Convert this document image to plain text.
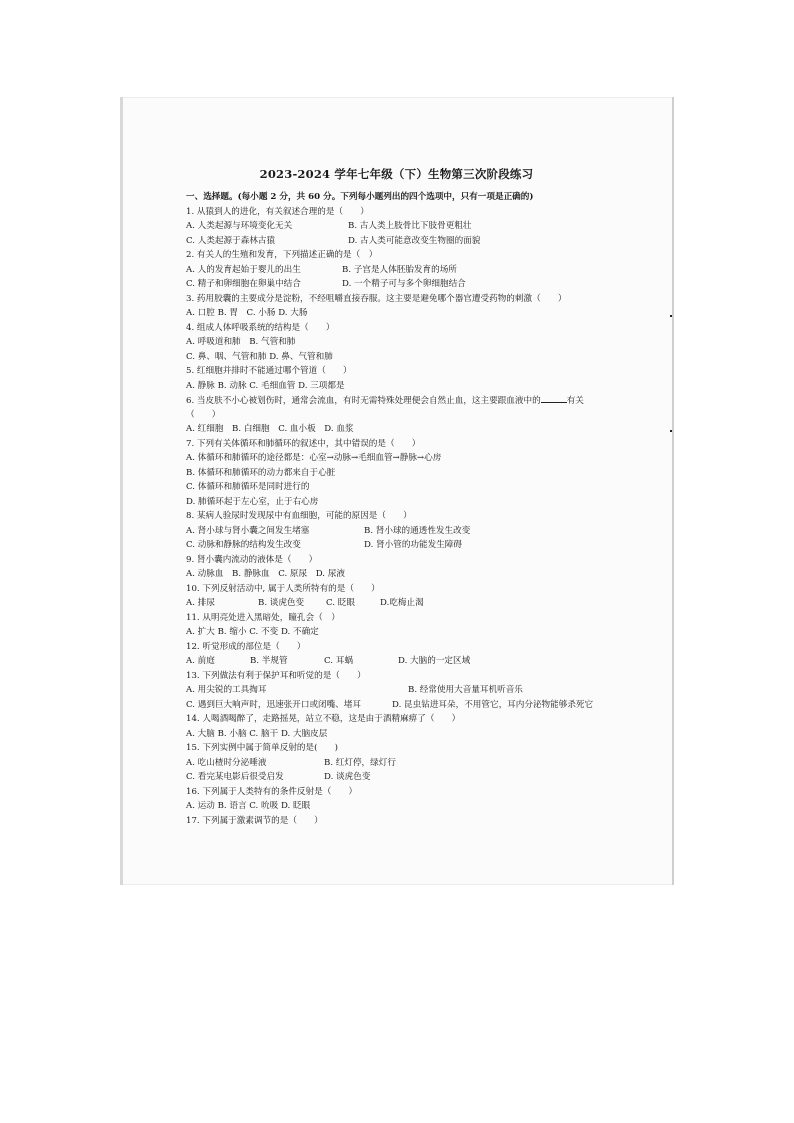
2023-2024 学年七年级（下）生物第三次阶段练习
一、选择题。(每小题 2 分，共 60 分。下列每小题列出的四个选项中，只有一项是正确的)
1. 从猿到人的进化，有关叙述合理的是（　　）
A. 人类起源与环境变化无关	B. 古人类上肢骨比下肢骨更粗壮
C. 人类起源于森林古猿	D. 古人类可能意改变生物圈的面貌
2. 有关人的生殖和发育，下列描述正确的是（　）
A. 人的发育起始于婴儿的出生	B. 子宫是人体胚胎发育的场所
C. 精子和卵细胞在卵巢中结合	D. 一个精子可与多个卵细胞结合
3. 药用胶囊的主要成分是淀粉，不经咀嚼直接吞服。这主要是避免哪个器官遭受药物的刺激（　　）
A. 口腔 B. 胃　C. 小肠 D. 大肠
4. 组成人体呼吸系统的结构是（　　）
A. 呼吸道和肺　B. 气管和肺
C. 鼻、咽、气管和肺 D. 鼻、气管和肺
5. 红细胞并排时不能通过哪个管道（　　）
A. 静脉 B. 动脉 C. 毛细血管 D. 三项都是
6. 当皮肤不小心被划伤时，通常会流血，有时无需特殊处理便会自然止血，这主要跟血液中的	有关
（　　）
A. 红细胞　B. 白细胞　C. 血小板　D. 血浆
7. 下列有关体循环和肺循环的叙述中，其中错误的是（　　）
A. 体循环和肺循环的途径都是：心室→动脉→毛细血管→静脉→心房
B. 体循环和肺循环的动力都来自于心脏
C. 体循环和肺循环是同时进行的
D. 肺循环起于左心室，止于右心房
8. 某病人验尿时发现尿中有血细胞，可能的原因是（　　）
A. 肾小球与肾小囊之间发生堵塞	B. 肾小球的通透性发生改变
C. 动脉和静脉的结构发生改变	D. 肾小管的功能发生障碍
9. 肾小囊内流动的液体是（　　）
A. 动脉血　B. 静脉血　C. 原尿　D. 尿液
10. 下列反射活动中, 属于人类所特有的是（　　）
A. 排尿	B. 谈虎色变	C. 眨眼	D.吃梅止渴
11. 从明亮处进入黑暗处，瞳孔会（　）
A. 扩大 B. 缩小 C. 不变 D. 不确定
12. 听觉形成的部位是（　　）
A. 前庭	B. 半规管	C. 耳蜗	D. 大脑的一定区域
13. 下列做法有利于保护耳和听觉的是（　　）
A. 用尖锐的工具掏耳	B. 经常使用大音量耳机听音乐
C. 遇到巨大响声时，迅速张开口或闭嘴、堵耳	D. 昆虫钻进耳朵，不用管它，耳内分泌物能够杀死它
14. 人喝酒喝醉了，走路摇晃，站立不稳，这是由于酒精麻痹了（　　）
A. 大脑 B. 小脑 C. 脑干 D. 大脑皮层
15. 下列实例中属于简单反射的是(　　)
A. 吃山楂时分泌唾液	B. 红灯停，绿灯行
C. 看完某电影后很受启发	D. 谈虎色变
16. 下列属于人类特有的条件反射是（　　）
A. 运动 B. 语言 C. 吮吸 D. 眨眼
17. 下列属于激素调节的是（　　）
